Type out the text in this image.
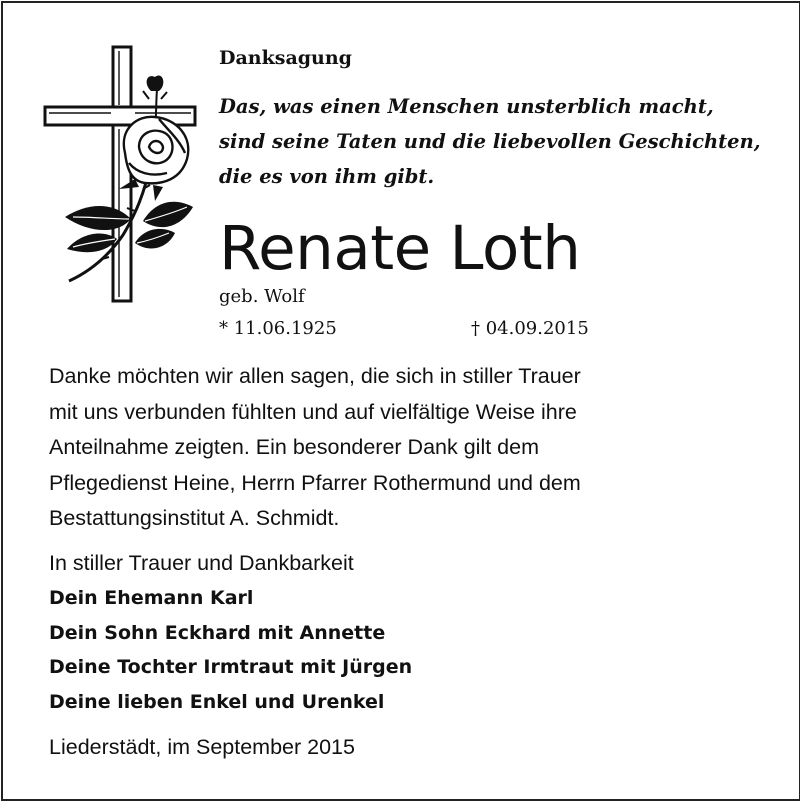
Danksagung
Das, was einen Menschen unsterblich macht,
sind seine Taten und die liebevollen Geschichten,
die es von ihm gibt.
Renate Loth
geb. Wolf
* 11.06.1925	† 04.09.2015
Danke möchten wir allen sagen, die sich in stiller Trauer
mit uns verbunden fühlten und auf vielfältige Weise ihre
Anteilnahme zeigten. Ein besonderer Dank gilt dem
Pflegedienst Heine, Herrn Pfarrer Rothermund und dem
Bestattungsinstitut A. Schmidt.
In stiller Trauer und Dankbarkeit
Dein Ehemann Karl
Dein Sohn Eckhard mit Annette
Deine Tochter Irmtraut mit Jürgen
Deine lieben Enkel und Urenkel
Liederstädt, im September 2015
